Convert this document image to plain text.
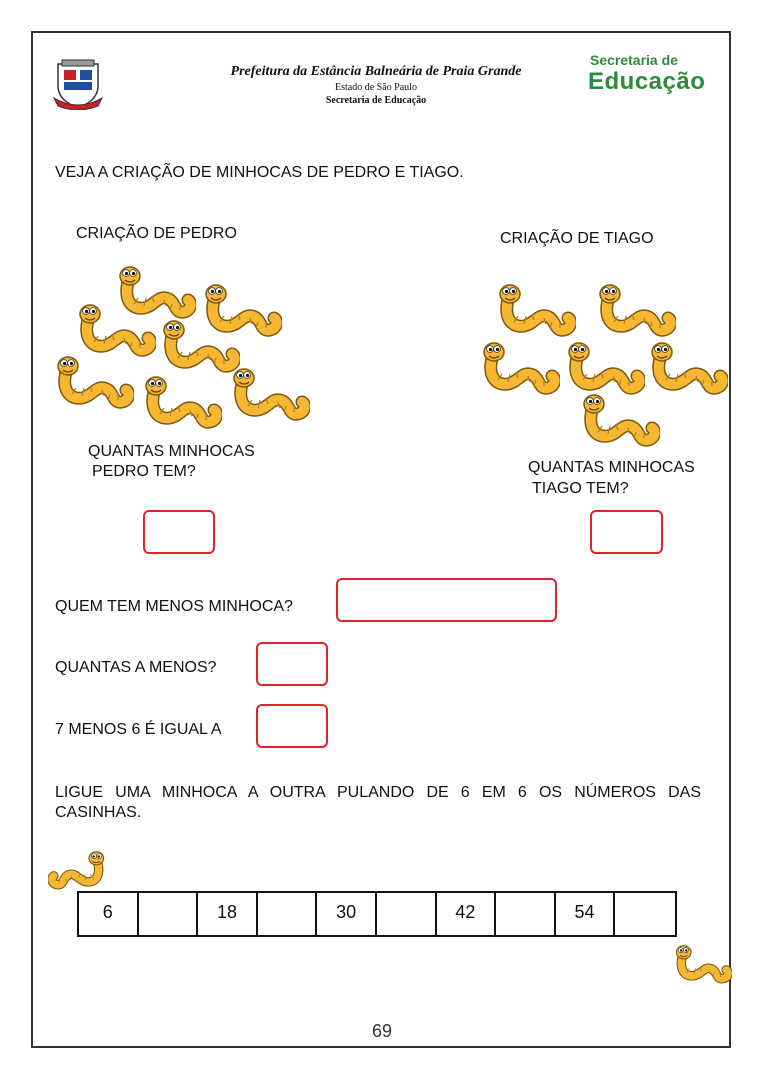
Prefeitura da Estância Balneária de Praia Grande
Estado de São Paulo
Secretaria de Educação
Secretaria de
Educação
VEJA A CRIAÇÃO DE MINHOCAS DE PEDRO E TIAGO.
CRIAÇÃO DE PEDRO
QUANTAS MINHOCAS
PEDRO TEM?
CRIAÇÃO DE TIAGO
QUANTAS MINHOCAS
TIAGO TEM?
QUEM TEM MENOS MINHOCA?
QUANTAS A MENOS?
7 MENOS 6 É IGUAL A
LIGUE UMA MINHOCA A OUTRA PULANDO DE 6 EM 6 OS NÚMEROS DAS
CASINHAS.
6	18	30	42	54
69
